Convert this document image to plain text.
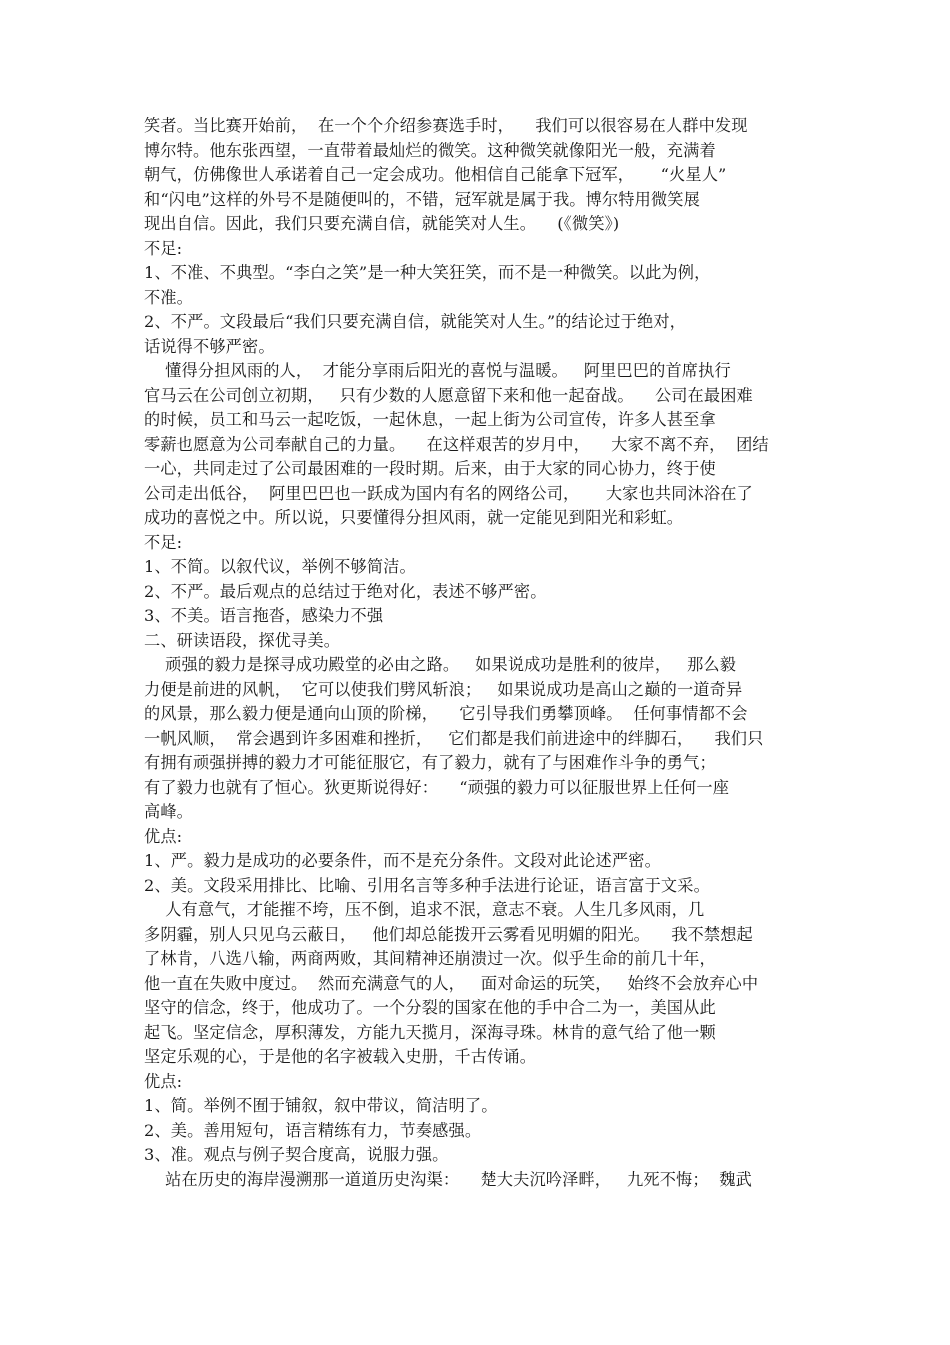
笑者。当比赛开始前，  在一个个介绍参赛选手时，    我们可以很容易在人群中发现
博尔特。他东张西望，一直带着最灿烂的微笑。这种微笑就像阳光一般，充满着
朝气，仿佛像世人承诺着自己一定会成功。他相信自己能拿下冠军，     “火星人”
和“闪电”这样的外号不是随便叫的，不错，冠军就是属于我。博尔特用微笑展
现出自信。因此，我们只要充满自信，就能笑对人生。    (《微笑》)
不足:
1、不准、不典型。“李白之笑”是一种大笑狂笑，而不是一种微笑。以此为例，
不准。
2、不严。文段最后“我们只要充满自信，就能笑对人生。”的结论过于绝对，
话说得不够严密。
懂得分担风雨的人，  才能分享雨后阳光的喜悦与温暖。   阿里巴巴的首席执行
官马云在公司创立初期，   只有少数的人愿意留下来和他一起奋战。    公司在最困难
的时候，员工和马云一起吃饭，一起休息，一起上街为公司宣传，许多人甚至拿
零薪也愿意为公司奉献自己的力量。    在这样艰苦的岁月中，    大家不离不弃，  团结
一心，共同走过了公司最困难的一段时期。后来，由于大家的同心协力，终于使
公司走出低谷，  阿里巴巴也一跃成为国内有名的网络公司，     大家也共同沐浴在了
成功的喜悦之中。所以说，只要懂得分担风雨，就一定能见到阳光和彩虹。
不足:
1、不简。以叙代议，举例不够简洁。
2、不严。最后观点的总结过于绝对化，表述不够严密。
3、不美。语言拖沓，感染力不强
二、研读语段，探优寻美。
顽强的毅力是探寻成功殿堂的必由之路。   如果说成功是胜利的彼岸，   那么毅
力便是前进的风帆，  它可以使我们劈风斩浪；   如果说成功是高山之巅的一道奇异
的风景，那么毅力便是通向山顶的阶梯，    它引导我们勇攀顶峰。  任何事情都不会
一帆风顺，  常会遇到许多困难和挫折，   它们都是我们前进途中的绊脚石，    我们只
有拥有顽强拼搏的毅力才可能征服它，有了毅力，就有了与困难作斗争的勇气；
有了毅力也就有了恒心。狄更斯说得好：    “顽强的毅力可以征服世界上任何一座
高峰。
优点:
1、严。毅力是成功的必要条件，而不是充分条件。文段对此论述严密。
2、美。文段采用排比、比喻、引用名言等多种手法进行论证，语言富于文采。
人有意气，才能摧不垮，压不倒，追求不泯，意志不衰。人生几多风雨，几
多阴霾，别人只见乌云蔽日，   他们却总能拨开云雾看见明媚的阳光。    我不禁想起
了林肯，八选八输，两商两败，其间精神还崩溃过一次。似乎生命的前几十年，
他一直在失败中度过。  然而充满意气的人，   面对命运的玩笑，   始终不会放弃心中
坚守的信念，终于，他成功了。一个分裂的国家在他的手中合二为一，美国从此
起飞。坚定信念，厚积薄发，方能九天揽月，深海寻珠。林肯的意气给了他一颗
坚定乐观的心，于是他的名字被载入史册，千古传诵。
优点:
1、简。举例不囿于铺叙，叙中带议，简洁明了。
2、美。善用短句，语言精练有力，节奏感强。
3、准。观点与例子契合度高，说服力强。
站在历史的海岸漫溯那一道道历史沟渠：    楚大夫沉吟泽畔，   九死不悔；  魏武
